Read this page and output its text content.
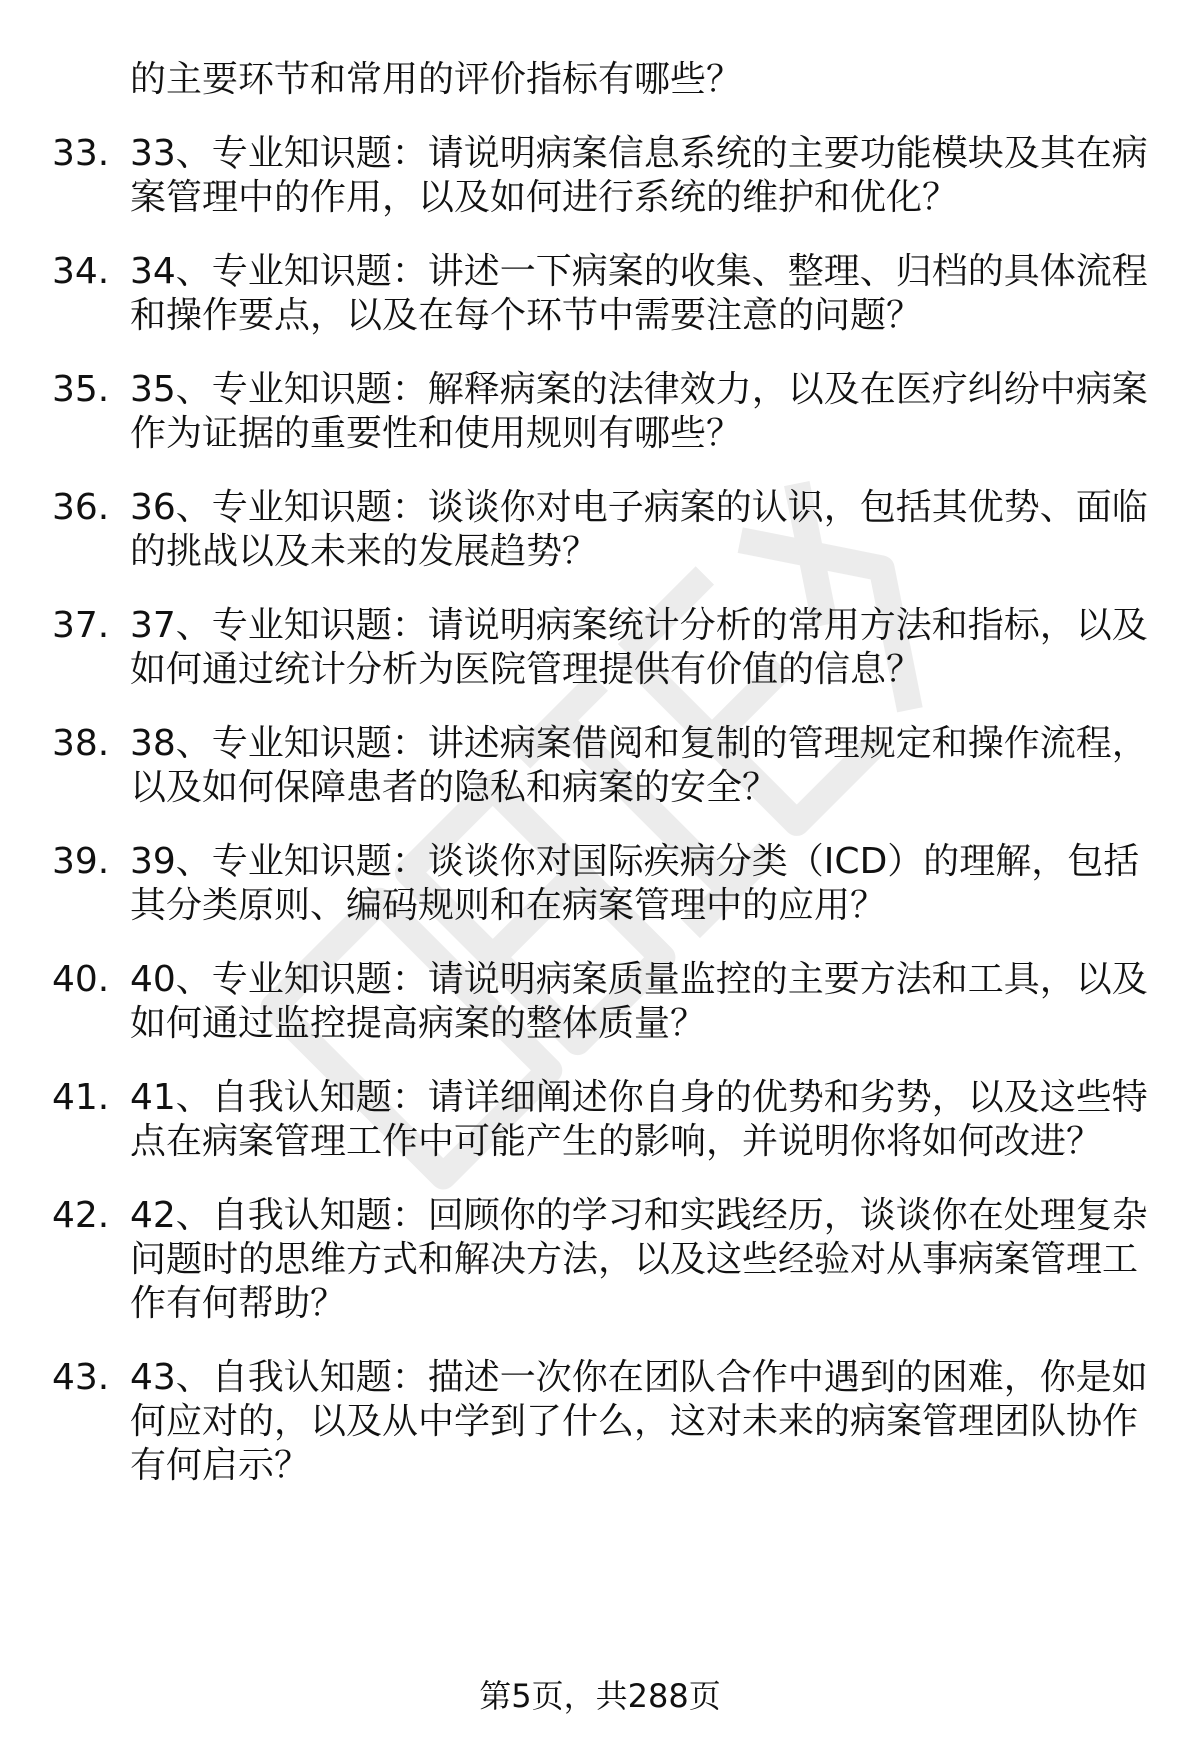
的主要环节和常用的评价指标有哪些？
33. 33、专业知识题：请说明病案信息系统的主要功能模块及其在病
案管理中的作用，以及如何进行系统的维护和优化？
34. 34、专业知识题：讲述一下病案的收集、整理、归档的具体流程
和操作要点，以及在每个环节中需要注意的问题？
35. 35、专业知识题：解释病案的法律效力，以及在医疗纠纷中病案
作为证据的重要性和使用规则有哪些？
36. 36、专业知识题：谈谈你对电子病案的认识，包括其优势、面临
的挑战以及未来的发展趋势？
37. 37、专业知识题：请说明病案统计分析的常用方法和指标，以及
如何通过统计分析为医院管理提供有价值的信息？
38. 38、专业知识题：讲述病案借阅和复制的管理规定和操作流程，
以及如何保障患者的隐私和病案的安全？
39. 39、专业知识题：谈谈你对国际疾病分类（ICD）的理解，包括
其分类原则、编码规则和在病案管理中的应用？
40. 40、专业知识题：请说明病案质量监控的主要方法和工具，以及
如何通过监控提高病案的整体质量？
41. 41、自我认知题：请详细阐述你自身的优势和劣势，以及这些特
点在病案管理工作中可能产生的影响，并说明你将如何改进？
42. 42、自我认知题：回顾你的学习和实践经历，谈谈你在处理复杂
问题时的思维方式和解决方法，以及这些经验对从事病案管理工
作有何帮助？
43. 43、自我认知题：描述一次你在团队合作中遇到的困难，你是如
何应对的，以及从中学到了什么，这对未来的病案管理团队协作
有何启示？
第5页，共288页
